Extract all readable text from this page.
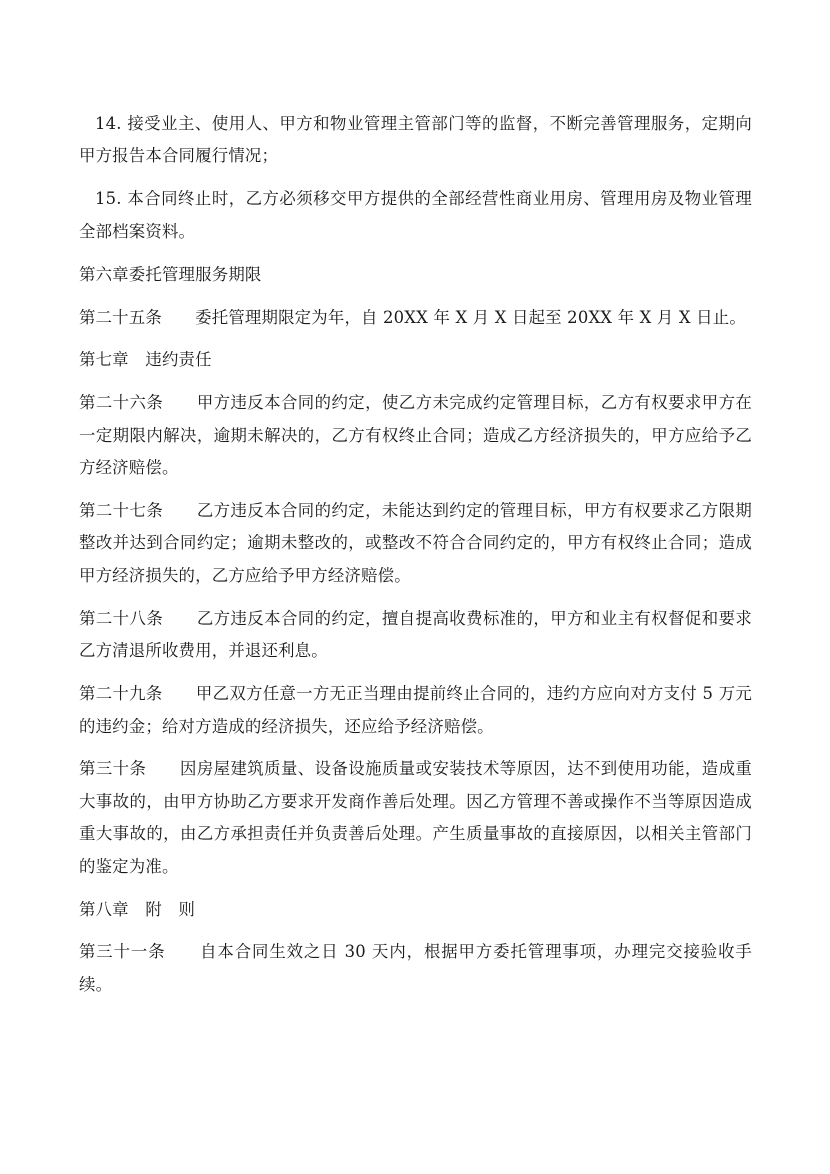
14. 接受业主、使用人、甲方和物业管理主管部门等的监督，不断完善管理服务，定期向甲方报告本合同履行情况；

15. 本合同终止时，乙方必须移交甲方提供的全部经营性商业用房、管理用房及物业管理全部档案资料。

第六章委托管理服务期限

第二十五条　　委托管理期限定为年，自 20XX 年 X 月 X 日起至 20XX 年 X 月 X 日止。

第七章　违约责任

第二十六条　　甲方违反本合同的约定，使乙方未完成约定管理目标，乙方有权要求甲方在一定期限内解决，逾期未解决的，乙方有权终止合同；造成乙方经济损失的，甲方应给予乙方经济赔偿。

第二十七条　　乙方违反本合同的约定，未能达到约定的管理目标，甲方有权要求乙方限期整改并达到合同约定；逾期未整改的，或整改不符合合同约定的，甲方有权终止合同；造成甲方经济损失的，乙方应给予甲方经济赔偿。

第二十八条　　乙方违反本合同的约定，擅自提高收费标准的，甲方和业主有权督促和要求乙方清退所收费用，并退还利息。

第二十九条　　甲乙双方任意一方无正当理由提前终止合同的，违约方应向对方支付 5 万元的违约金；给对方造成的经济损失，还应给予经济赔偿。

第三十条　　因房屋建筑质量、设备设施质量或安装技术等原因，达不到使用功能，造成重大事故的，由甲方协助乙方要求开发商作善后处理。因乙方管理不善或操作不当等原因造成重大事故的，由乙方承担责任并负责善后处理。产生质量事故的直接原因，以相关主管部门的鉴定为准。

第八章　附　则

第三十一条　　自本合同生效之日 30 天内，根据甲方委托管理事项，办理完交接验收手续。
